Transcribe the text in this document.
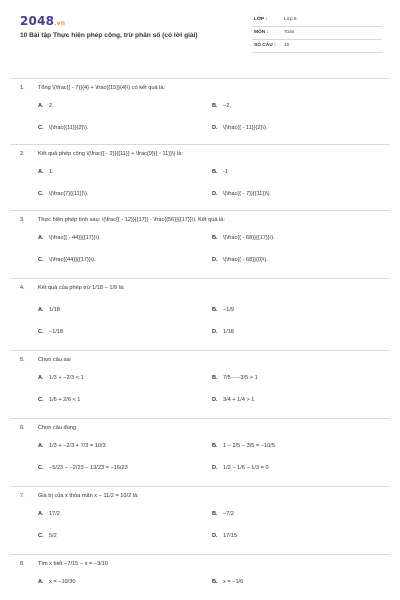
2048.vn
10 Bài tập Thực hiện phép cộng, trừ phân số (có lời giải)
LỚP :	Lớp 6
MÔN :	Toán
SỐ CÂU : 10
1. Tổng \(\frac{{ - 7}}{4} + \frac{{15}}{4}\) có kết quả là:
A. 2.	B. −2.
C. \(\frac{{11}}{2}\).	D. \(\frac{{ - 11}}{2}\).
2. Kết quả phép cộng \(\frac{{ - 2}}{{11}} + \frac{9}{{ - 11}}\) là:
A. 1.	B. -1
C. \(\frac{7}{{11}}\).	D. \(\frac{{ - 7}}{{11}}\).
3. Thực hiện phép tính sau: \(\frac{{ - 12}}{{17}} - \frac{{56}}{{17}}\). Kết quả là:
A. \(\frac{{ - 44}}{{17}}\).	B. \(\frac{{ - 68}}{{17}}\).
C. \(\frac{{44}}{{17}}\).	D. \(\frac{{ - 68}}{0}\).
4. Kết quả của phép trừ 1/18 − 1/9 là:
A. 1/18	B. −1/9
C. −1/18	D. 1/18
5. Chọn câu sai
A. 1/3 + −2/3 < 1	B. 7/5 − −3/5 > 1
C. 1/6 + 2/6 < 1	D. 3/4 + 1/4 > 1
6. Chọn câu đúng
A. 1/3 + −2/3 + 7/3 = 10/3	B. 1 − 2/5 − 3/5 = −10/5
C. −5/23 − −2/23 − 13/23 = −16/23	D. 1/2 − 1/6 − 1/3 = 0
7. Giá trị của x thỏa mãn x − 11/2 = 10/2 là:
A. 17/2	B. −7/2
C. 5/2	D. 17/15
8. Tìm x biết −7/15 − x = −3/10
A. x = −10/30	B. x = −1/6
